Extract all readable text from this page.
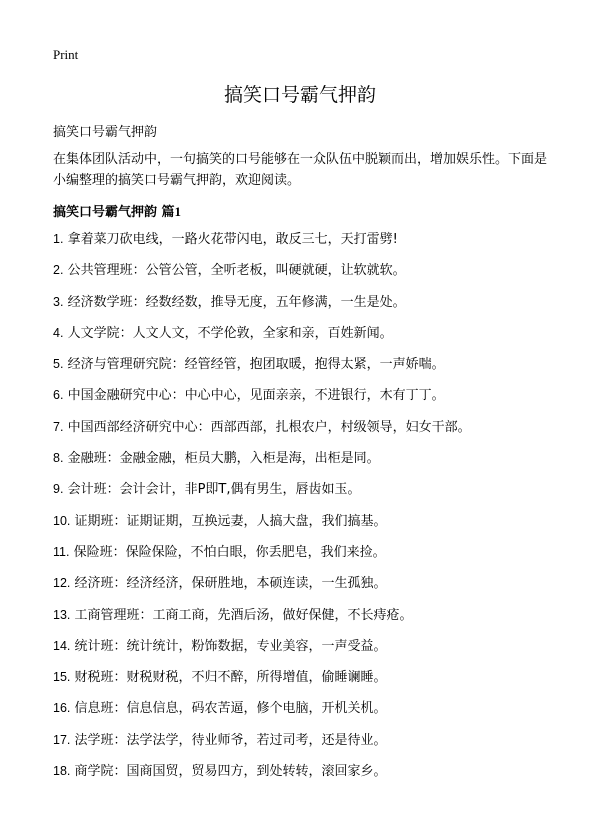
Print
搞笑口号霸气押韵
搞笑口号霸气押韵

在集体团队活动中，一句搞笑的口号能够在一众队伍中脱颖而出，增加娱乐性。下面是小编整理的搞笑口号霸气押韵，欢迎阅读。

搞笑口号霸气押韵 篇1
1. 拿着菜刀砍电线，一路火花带闪电，敢反三七，天打雷劈!
2. 公共管理班：公管公管，全听老板，叫硬就硬，让软就软。
3. 经济数学班：经数经数，推导无度，五年修满，一生是处。
4. 人文学院：人文人文，不学伦敦，全家和亲，百姓新闻。
5. 经济与管理研究院：经管经管，抱团取暖，抱得太紧，一声娇喘。
6. 中国金融研究中心：中心中心，见面亲亲，不进银行，木有丁丁。
7. 中国西部经济研究中心：西部西部，扎根农户，村级领导，妇女干部。
8. 金融班：金融金融，柜员大鹏，入柜是海，出柜是同。
9. 会计班：会计会计，非P即T,偶有男生，唇齿如玉。
10. 证期班：证期证期，互换远妻，人搞大盘，我们搞基。
11. 保险班：保险保险，不怕白眼，你丢肥皂，我们来捡。
12. 经济班：经济经济，保研胜地，本硕连读，一生孤独。
13. 工商管理班：工商工商，先酒后汤，做好保健，不长痔疮。
14. 统计班：统计统计，粉饰数据，专业美容，一声受益。
15. 财税班：财税财税，不归不醉，所得增值，偷睡谰睡。
16. 信息班：信息信息，码农苦逼，修个电脑，开机关机。
17. 法学班：法学法学，待业师爷，若过司考，还是待业。
18. 商学院：国商国贸，贸易四方，到处转转，滚回家乡。
